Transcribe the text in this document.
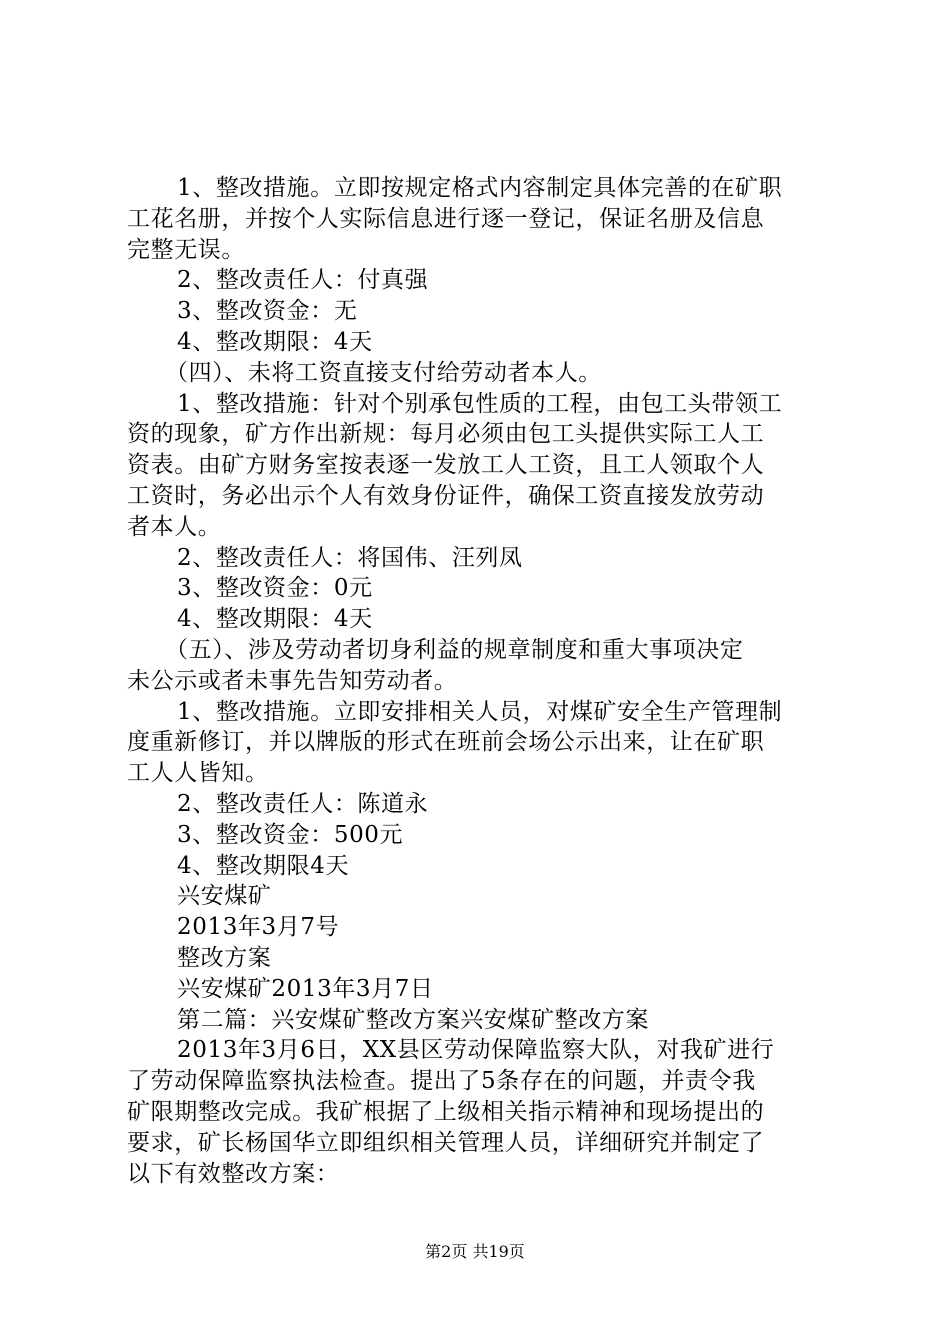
1、整改措施。立即按规定格式内容制定具体完善的在矿职
工花名册，并按个人实际信息进行逐一登记，保证名册及信息
完整无误。
2、整改责任人：付真强
3、整改资金：无
4、整改期限：4天
（四）、未将工资直接支付给劳动者本人。
1、整改措施：针对个别承包性质的工程，由包工头带领工
资的现象，矿方作出新规：每月必须由包工头提供实际工人工
资表。由矿方财务室按表逐一发放工人工资，且工人领取个人
工资时，务必出示个人有效身份证件，确保工资直接发放劳动
者本人。
2、整改责任人：将国伟、汪列凤
3、整改资金：0元
4、整改期限：4天
（五）、涉及劳动者切身利益的规章制度和重大事项决定
未公示或者未事先告知劳动者。
1、整改措施。立即安排相关人员，对煤矿安全生产管理制
度重新修订，并以牌版的形式在班前会场公示出来，让在矿职
工人人皆知。
2、整改责任人：陈道永
3、整改资金：500元
4、整改期限4天
兴安煤矿
2013年3月7号
整改方案
兴安煤矿2013年3月7日
第二篇：兴安煤矿整改方案兴安煤矿整改方案
2013年3月6日，XX县区劳动保障监察大队，对我矿进行
了劳动保障监察执法检查。提出了5条存在的问题，并责令我
矿限期整改完成。我矿根据了上级相关指示精神和现场提出的
要求，矿长杨国华立即组织相关管理人员，详细研究并制定了
以下有效整改方案：
第2页 共19页
